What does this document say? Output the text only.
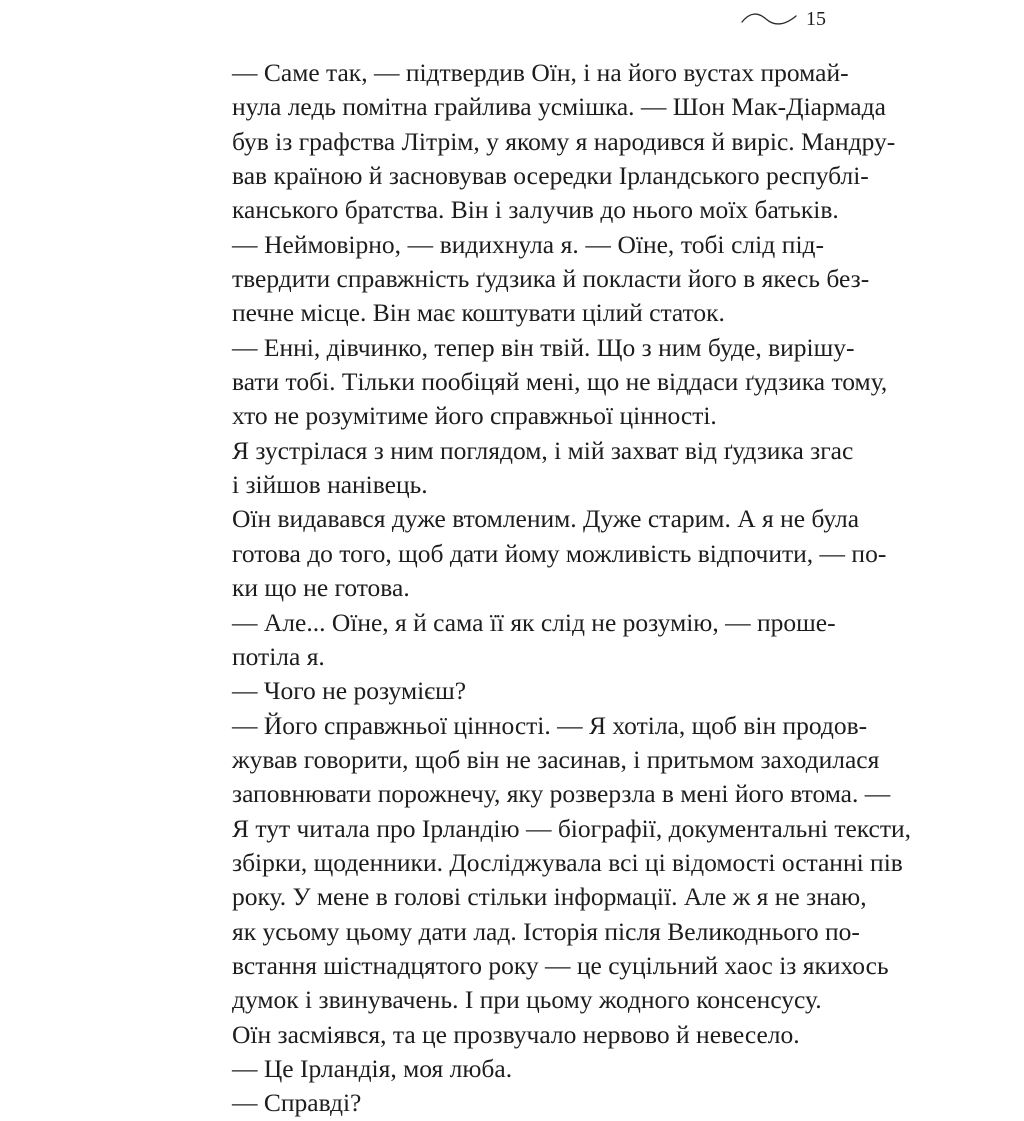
15

— Саме так, — підтвердив Оїн, і на його вустах промай-
нула ледь помітна грайлива усмішка. — Шон Мак-Діармада
був із графства Літрім, у якому я народився й виріс. Мандру-
вав країною й засновував осередки Ірландського республі-
канського братства. Він і залучив до нього моїх батьків.

— Неймовірно, — видихнула я. — Оїне, тобі слід під-
твердити справжність ґудзика й покласти його в якесь без-
печне місце. Він має коштувати цілий статок.

— Енні, дівчинко, тепер він твій. Що з ним буде, вирішу-
вати тобі. Тільки пообіцяй мені, що не віддаси ґудзика тому,
хто не розумітиме його справжньої цінності.

Я зустрілася з ним поглядом, і мій захват від ґудзика згас
і зійшов нанівець.

Оїн видавався дуже втомленим. Дуже старим. А я не була
готова до того, щоб дати йому можливість відпочити, — по-
ки що не готова.

— Але... Оїне, я й сама її як слід не розумію, — прошe-
потіла я.

— Чого не розумієш?

— Його справжньої цінності. — Я хотіла, щоб він продов-
жував говорити, щоб він не засинав, і притьмом заходилася
заповнювати порожнечу, яку розверзла в мені його втома. —
Я тут читала про Ірландію — біографії, документальні тексти,
збірки, щоденники. Досліджувала всі ці відомості останні пів
року. У мене в голові стільки інформації. Але ж я не знаю,
як усьому цьому дати лад. Історія після Великоднього по-
встання шістнадцятого року — це суцільний хаос із якихось
думок і звинувачень. І при цьому жодного консенсусу.

Оїн засміявся, та це прозвучало нервово й невесело.

— Це Ірландія, моя люба.

— Справді?
